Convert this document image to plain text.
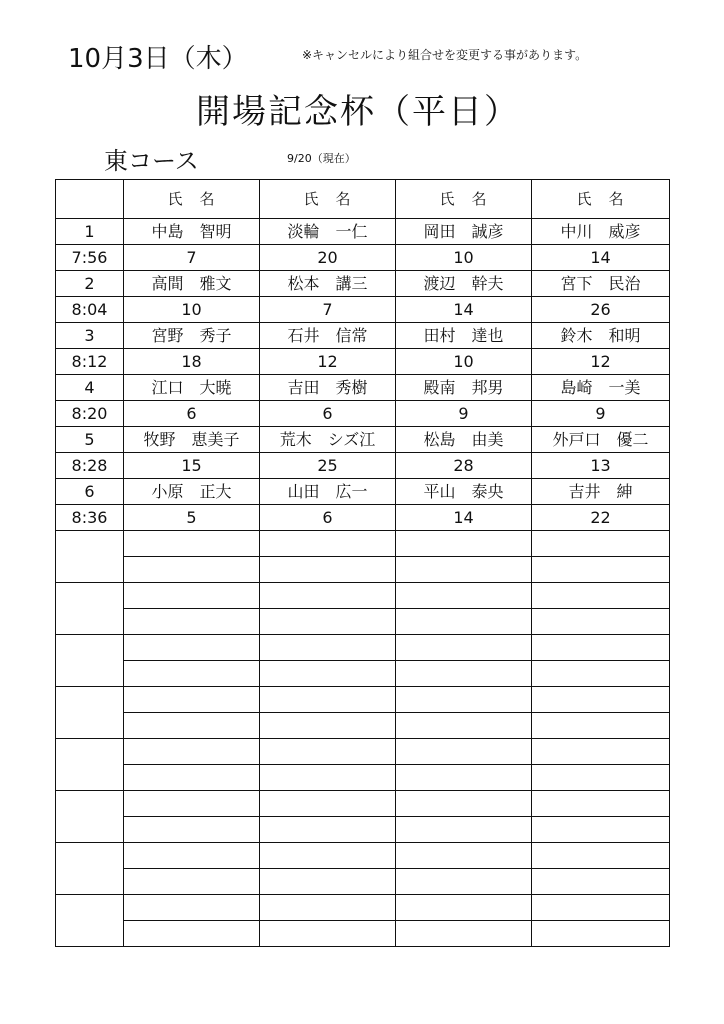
10月3日（木）	※キャンセルにより組合せを変更する事があります。
開場記念杯（平日）
東コース	9/20（現在）
	氏　名	氏　名	氏　名	氏　名
1	中島　智明	淡輪　一仁	岡田　誠彦	中川　威彦
7:56	7	20	10	14
2	高間　雅文	松本　講三	渡辺　幹夫	宮下　民治
8:04	10	7	14	26
3	宮野　秀子	石井　信常	田村　達也	鈴木　和明
8:12	18	12	10	12
4	江口　大暁	吉田　秀樹	殿南　邦男	島崎　一美
8:20	6	6	9	9
5	牧野　恵美子	荒木　シズ江	松島　由美	外戸口　優二
8:28	15	25	28	13
6	小原　正大	山田　広一	平山　泰央	吉井　紳
8:36	5	6	14	22
